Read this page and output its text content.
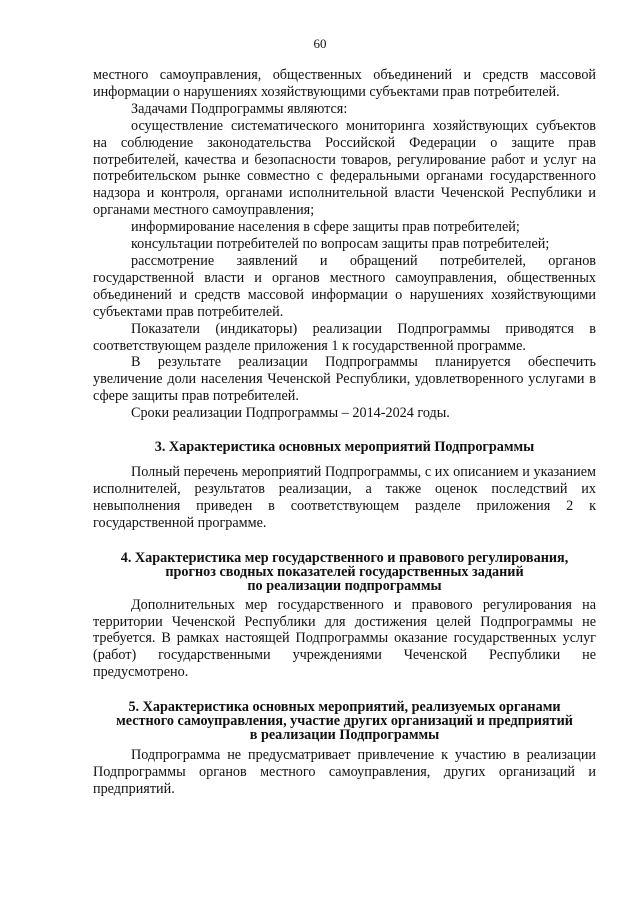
60

местного самоуправления, общественных объединений и средств массовой информации о нарушениях хозяйствующими субъектами прав потребителей.

Задачами Подпрограммы являются:

осуществление систематического мониторинга хозяйствующих субъектов на соблюдение законодательства Российской Федерации о защите прав потребителей, качества и безопасности товаров, регулирование работ и услуг на потребительском рынке совместно с федеральными органами государственного надзора и контроля, органами исполнительной власти Чеченской Республики и органами местного самоуправления;

информирование населения в сфере защиты прав потребителей;

консультации потребителей по вопросам защиты прав потребителей;

рассмотрение заявлений и обращений потребителей, органов государственной власти и органов местного самоуправления, общественных объединений и средств массовой информации о нарушениях хозяйствующими субъектами прав потребителей.

Показатели (индикаторы) реализации Подпрограммы приводятся в соответствующем разделе приложения 1 к государственной программе.

В результате реализации Подпрограммы планируется обеспечить увеличение доли населения Чеченской Республики, удовлетворенного услугами в сфере защиты прав потребителей.

Сроки реализации Подпрограммы – 2014-2024 годы.

3. Характеристика основных мероприятий Подпрограммы

Полный перечень мероприятий Подпрограммы, с их описанием и указанием исполнителей, результатов реализации, а также оценок последствий их невыполнения приведен в соответствующем разделе приложения 2 к государственной программе.

4. Характеристика мер государственного и правового регулирования,
прогноз сводных показателей государственных заданий
по реализации подпрограммы

Дополнительных мер государственного и правового регулирования на территории Чеченской Республики для достижения целей Подпрограммы не требуется. В рамках настоящей Подпрограммы оказание государственных услуг (работ) государственными учреждениями Чеченской Республики не предусмотрено.

5. Характеристика основных мероприятий, реализуемых органами
местного самоуправления, участие других организаций и предприятий
в реализации Подпрограммы

Подпрограмма не предусматривает привлечение к участию в реализации Подпрограммы органов местного самоуправления, других организаций и предприятий.
